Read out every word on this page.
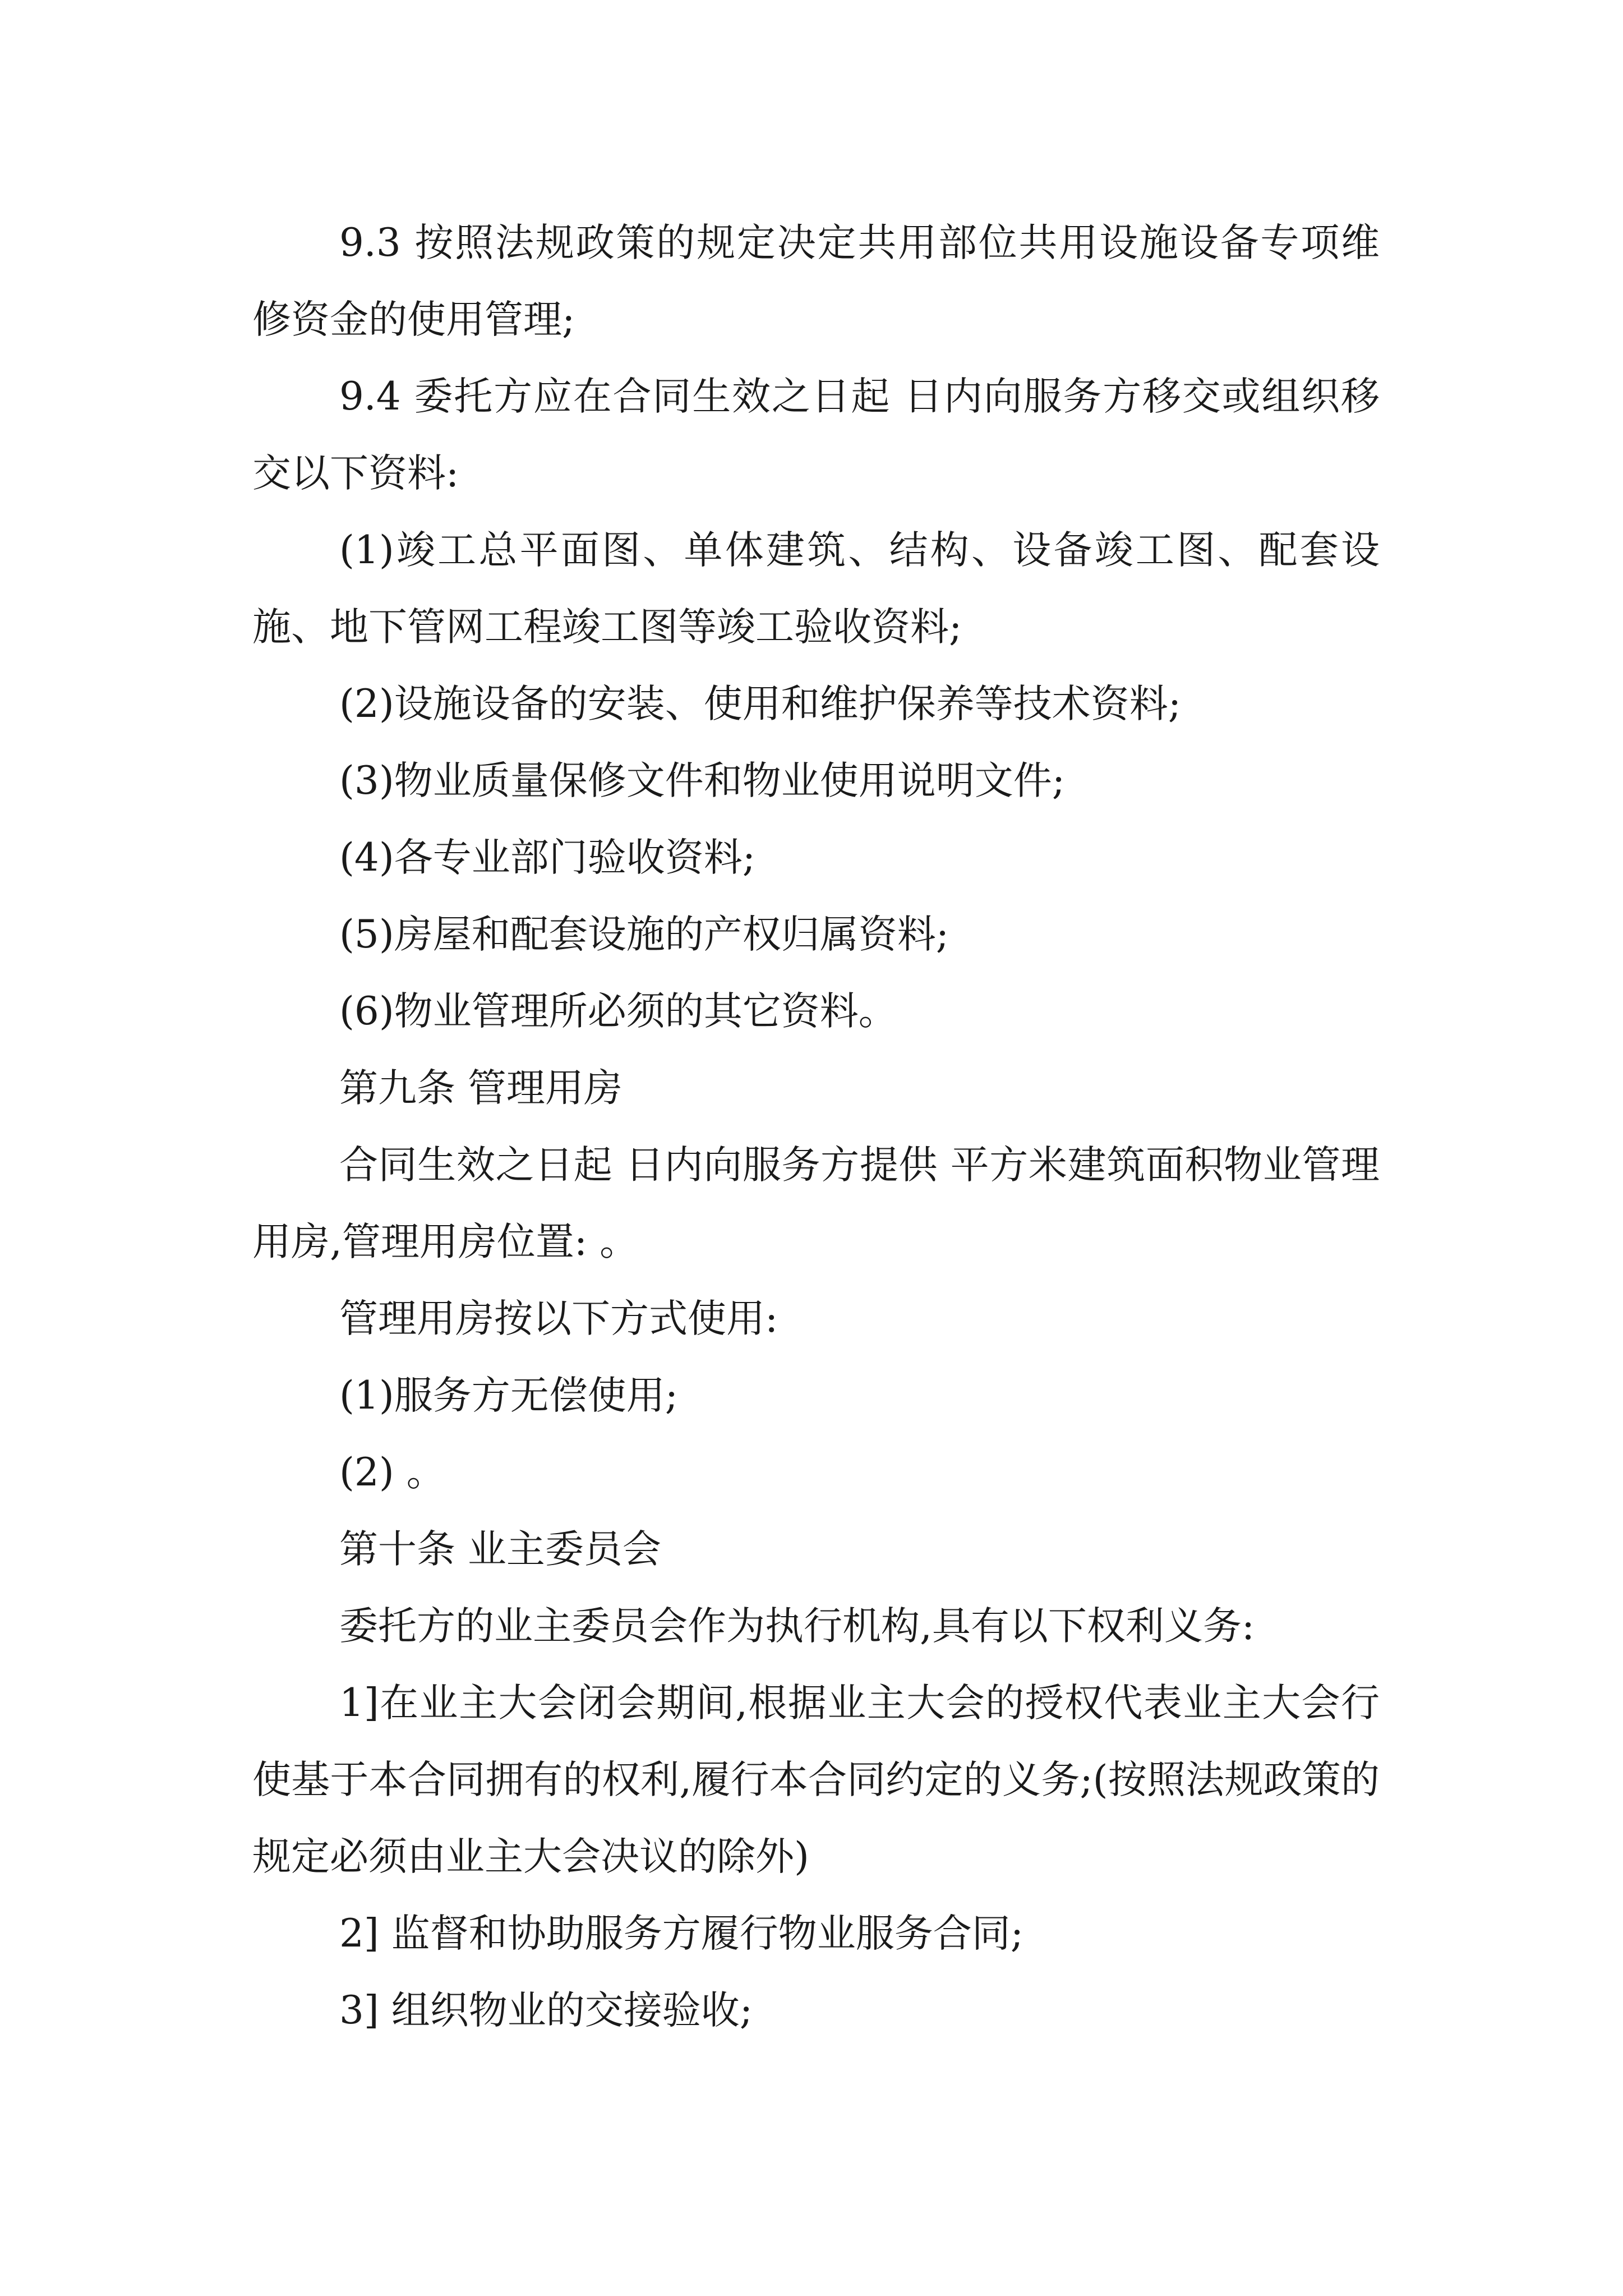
9.3 按照法规政策的规定决定共用部位共用设施设备专项维修资金的使用管理;

9.4 委托方应在合同生效之日起 日内向服务方移交或组织移交以下资料:

(1)竣工总平面图、单体建筑、结构、设备竣工图、配套设施、地下管网工程竣工图等竣工验收资料;

(2)设施设备的安装、使用和维护保养等技术资料;

(3)物业质量保修文件和物业使用说明文件;

(4)各专业部门验收资料;

(5)房屋和配套设施的产权归属资料;

(6)物业管理所必须的其它资料。

第九条 管理用房

合同生效之日起 日内向服务方提供 平方米建筑面积物业管理用房,管理用房位置: 。

管理用房按以下方式使用:

(1)服务方无偿使用;

(2) 。

第十条 业主委员会

委托方的业主委员会作为执行机构,具有以下权利义务:

1]在业主大会闭会期间,根据业主大会的授权代表业主大会行使基于本合同拥有的权利,履行本合同约定的义务;(按照法规政策的规定必须由业主大会决议的除外)

2] 监督和协助服务方履行物业服务合同;

3] 组织物业的交接验收;
